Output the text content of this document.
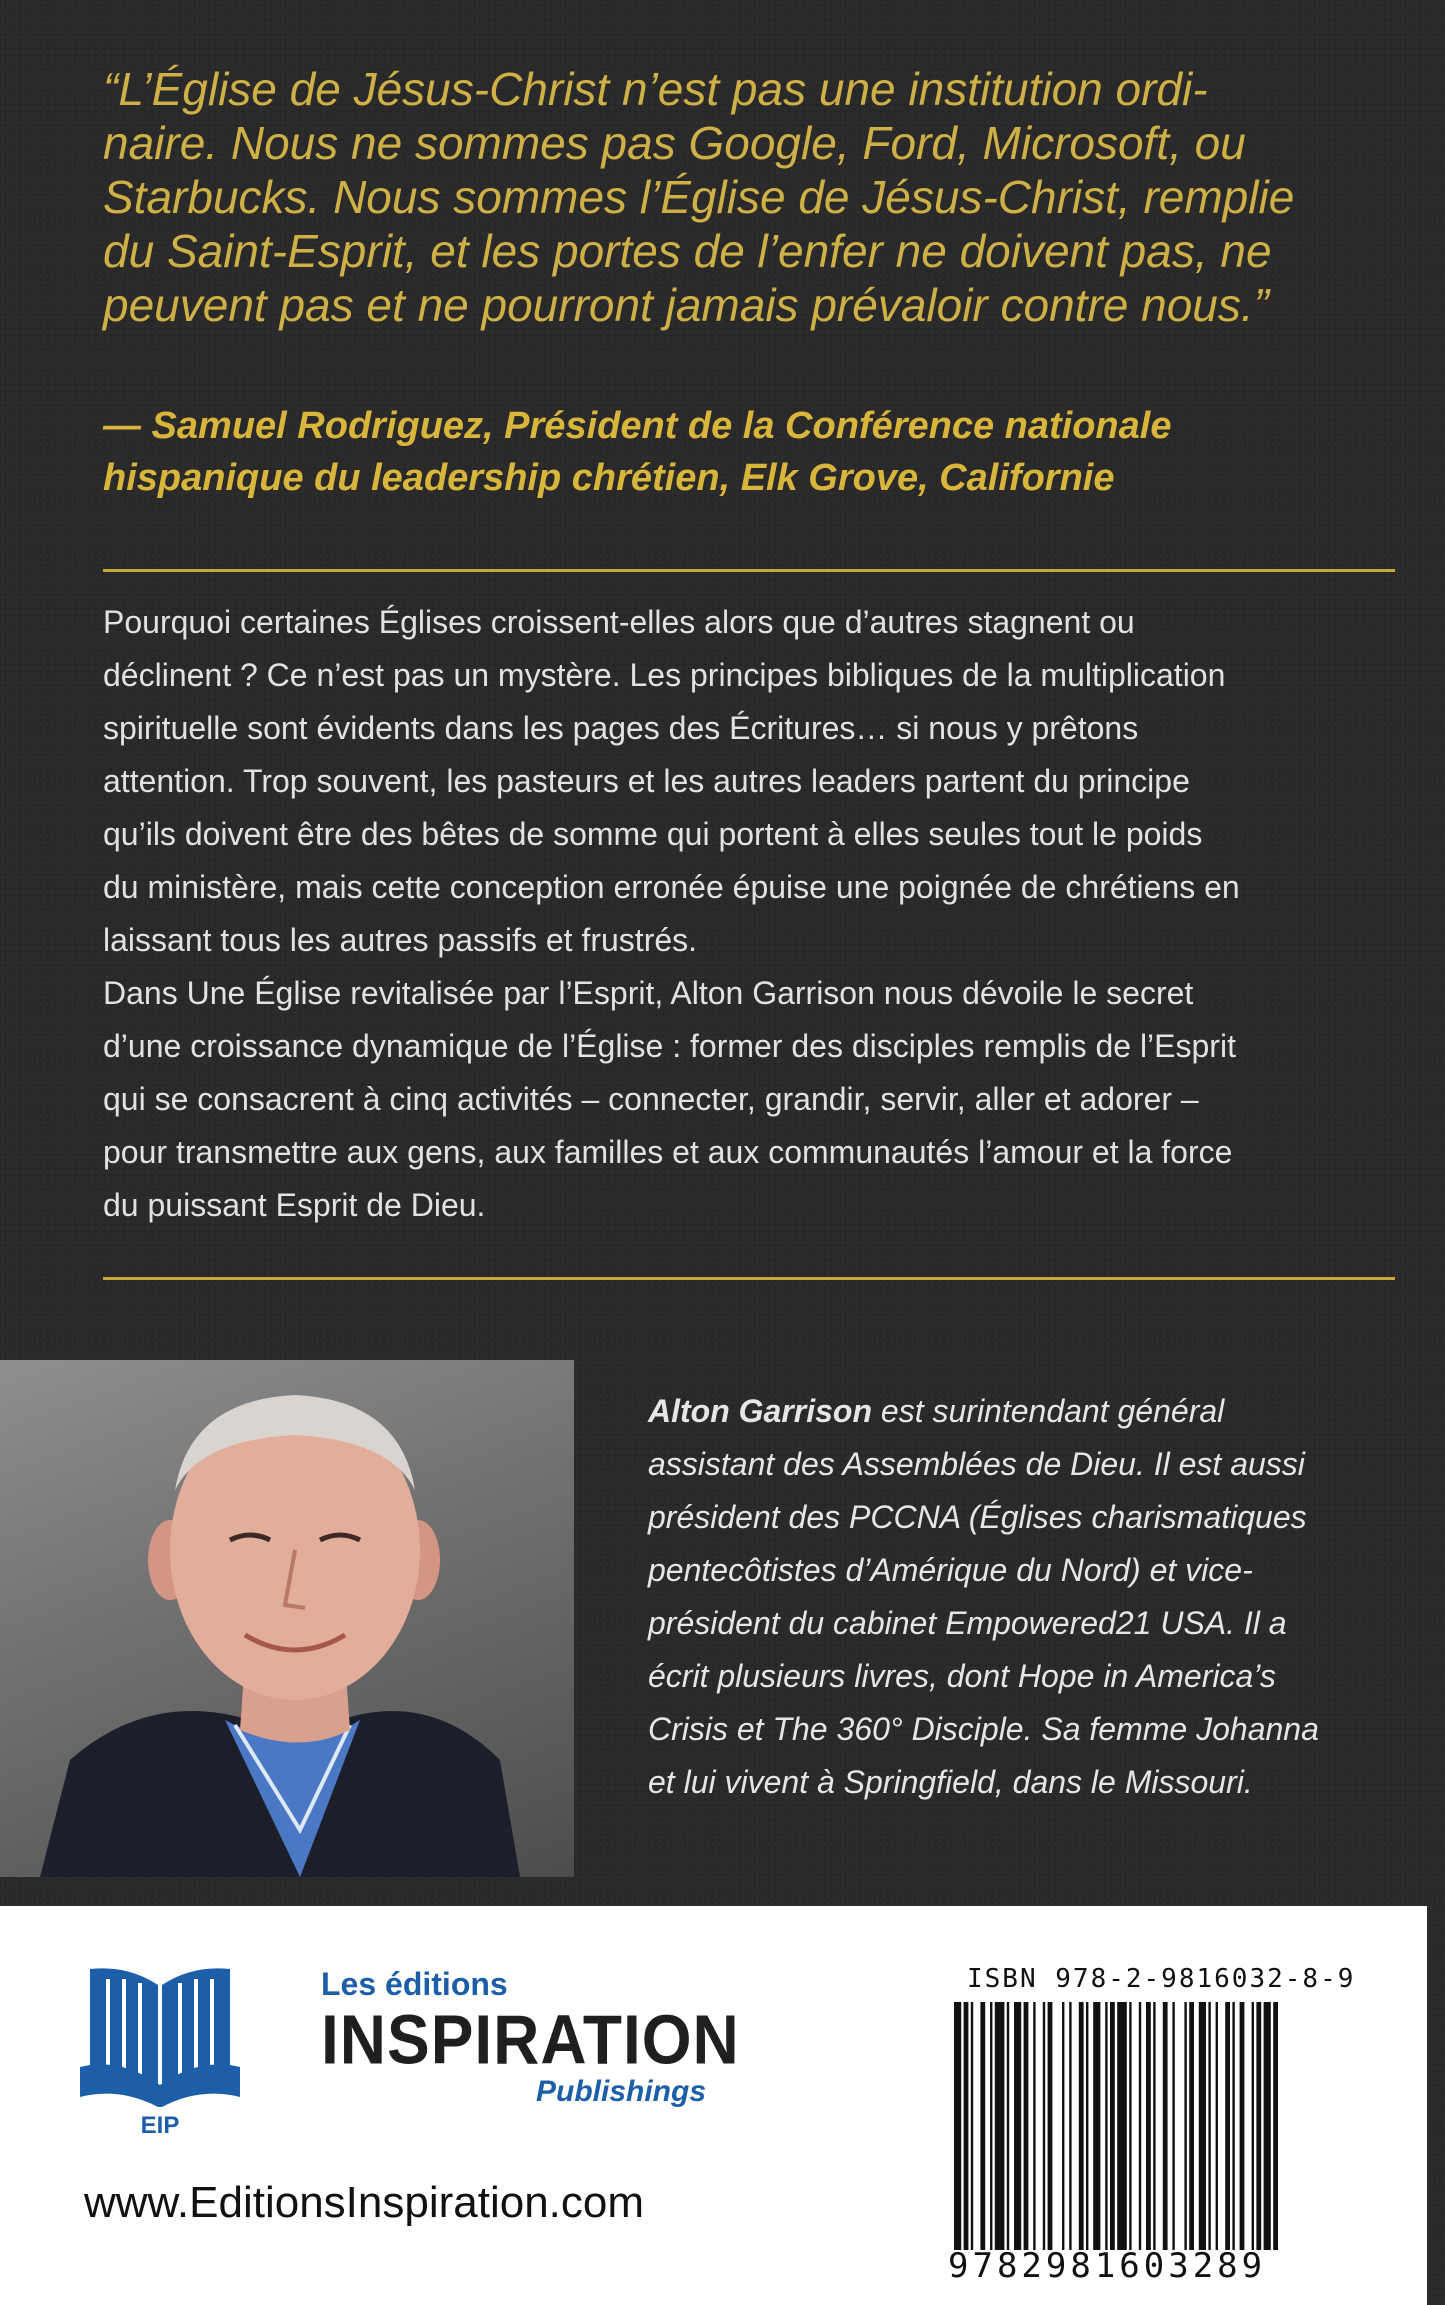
“L’Église de Jésus-Christ n’est pas une institution ordi-
naire. Nous ne sommes pas Google, Ford, Microsoft, ou
Starbucks. Nous sommes l’Église de Jésus-Christ, remplie
du Saint-Esprit, et les portes de l’enfer ne doivent pas, ne
peuvent pas et ne pourront jamais prévaloir contre nous.”
— Samuel Rodriguez, Président de la Conférence nationale
hispanique du leadership chrétien, Elk Grove, Californie
Pourquoi certaines Églises croissent-elles alors que d’autres stagnent ou
déclinent ? Ce n’est pas un mystère. Les principes bibliques de la multiplication
spirituelle sont évidents dans les pages des Écritures… si nous y prêtons
attention. Trop souvent, les pasteurs et les autres leaders partent du principe
qu’ils doivent être des bêtes de somme qui portent à elles seules tout le poids
du ministère, mais cette conception erronée épuise une poignée de chrétiens en
laissant tous les autres passifs et frustrés.
Dans Une Église revitalisée par l’Esprit, Alton Garrison nous dévoile le secret
d’une croissance dynamique de l’Église : former des disciples remplis de l’Esprit
qui se consacrent à cinq activités – connecter, grandir, servir, aller et adorer –
pour transmettre aux gens, aux familles et aux communautés l’amour et la force
du puissant Esprit de Dieu.
Alton Garrison est surintendant général
assistant des Assemblées de Dieu. Il est aussi
président des PCCNA (Églises charismatiques
pentecôtistes d’Amérique du Nord) et vice-
président du cabinet Empowered21 USA. Il a
écrit plusieurs livres, dont Hope in America’s
Crisis et The 360° Disciple. Sa femme Johanna
et lui vivent à Springfield, dans le Missouri.
EIP
Les éditions
INSPIRATION
Publishings
www.EditionsInspiration.com
ISBN 978-2-9816032-8-9
9782981603289
